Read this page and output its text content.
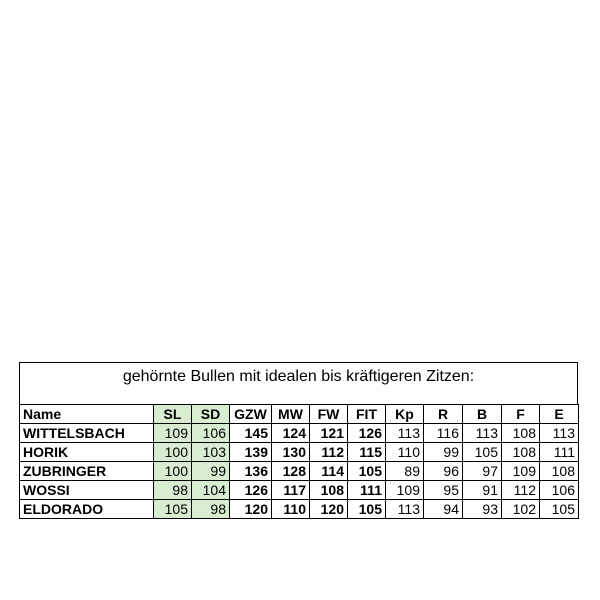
gehörnte Bullen mit idealen bis kräftigeren Zitzen:
Name	SL	SD	GZW	MW	FW	FIT	Kp	R	B	F	E
WITTELSBACH	109	106	145	124	121	126	113	116	113	108	113
HORIK	100	103	139	130	112	115	110	99	105	108	111
ZUBRINGER	100	99	136	128	114	105	89	96	97	109	108
WOSSI	98	104	126	117	108	111	109	95	91	112	106
ELDORADO	105	98	120	110	120	105	113	94	93	102	105
